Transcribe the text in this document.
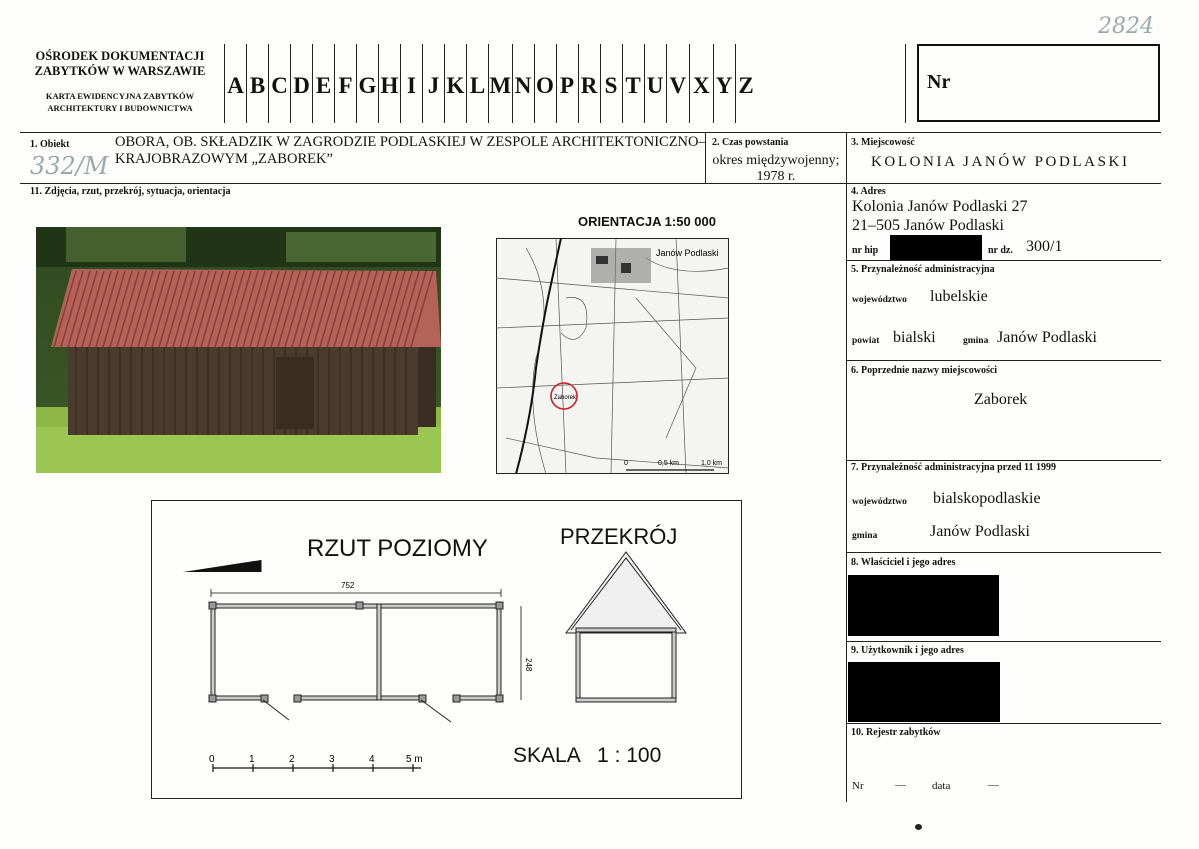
2824
OŚRODEK DOKUMENTACJI
ZABYTKÓW W WARSZAWIE
KARTA EWIDENCYJNA ZABYTKÓW
ARCHITEKTURY I BUDOWNICTWA
A B C D E F G H I J K L M N O P R S T U V X Y Z	Nr
1. Obiekt	OBORA, OB. SKŁADZIK W ZAGRODZIE PODLASKIEJ W ZESPOLE ARCHITEKTONICZNO–
KRAJOBRAZOWYM „ZABOREK”
332/M
2. Czas powstania
okres międzywojenny;
1978 r.
3. Miejscowość
KOLONIA JANÓW PODLASKI
11. Zdjęcia, rzut, przekrój, sytuacja, orientacja
ORIENTACJA 1:50 000
Janów Podlaski
Zaborek
0	0,5 km	1,0 km
RZUT POZIOMY	PRZEKRÓJ
752
248
0	1	2	3	4	5 m	SKALA   1 : 100
4. Adres
Kolonia Janów Podlaski 27
21–505 Janów Podlaski
nr hip	nr dz. 300/1
5. Przynależność administracyjna
województwo lubelskie
powiat bialski	gmina Janów Podlaski
6. Poprzednie nazwy miejscowości
Zaborek
7. Przynależność administracyjna przed 11 1999
województwo bialskopodlaskie
gmina	Janów Podlaski
8. Właściciel i jego adres
9. Użytkownik i jego adres
10. Rejestr zabytków
Nr	— data	—
